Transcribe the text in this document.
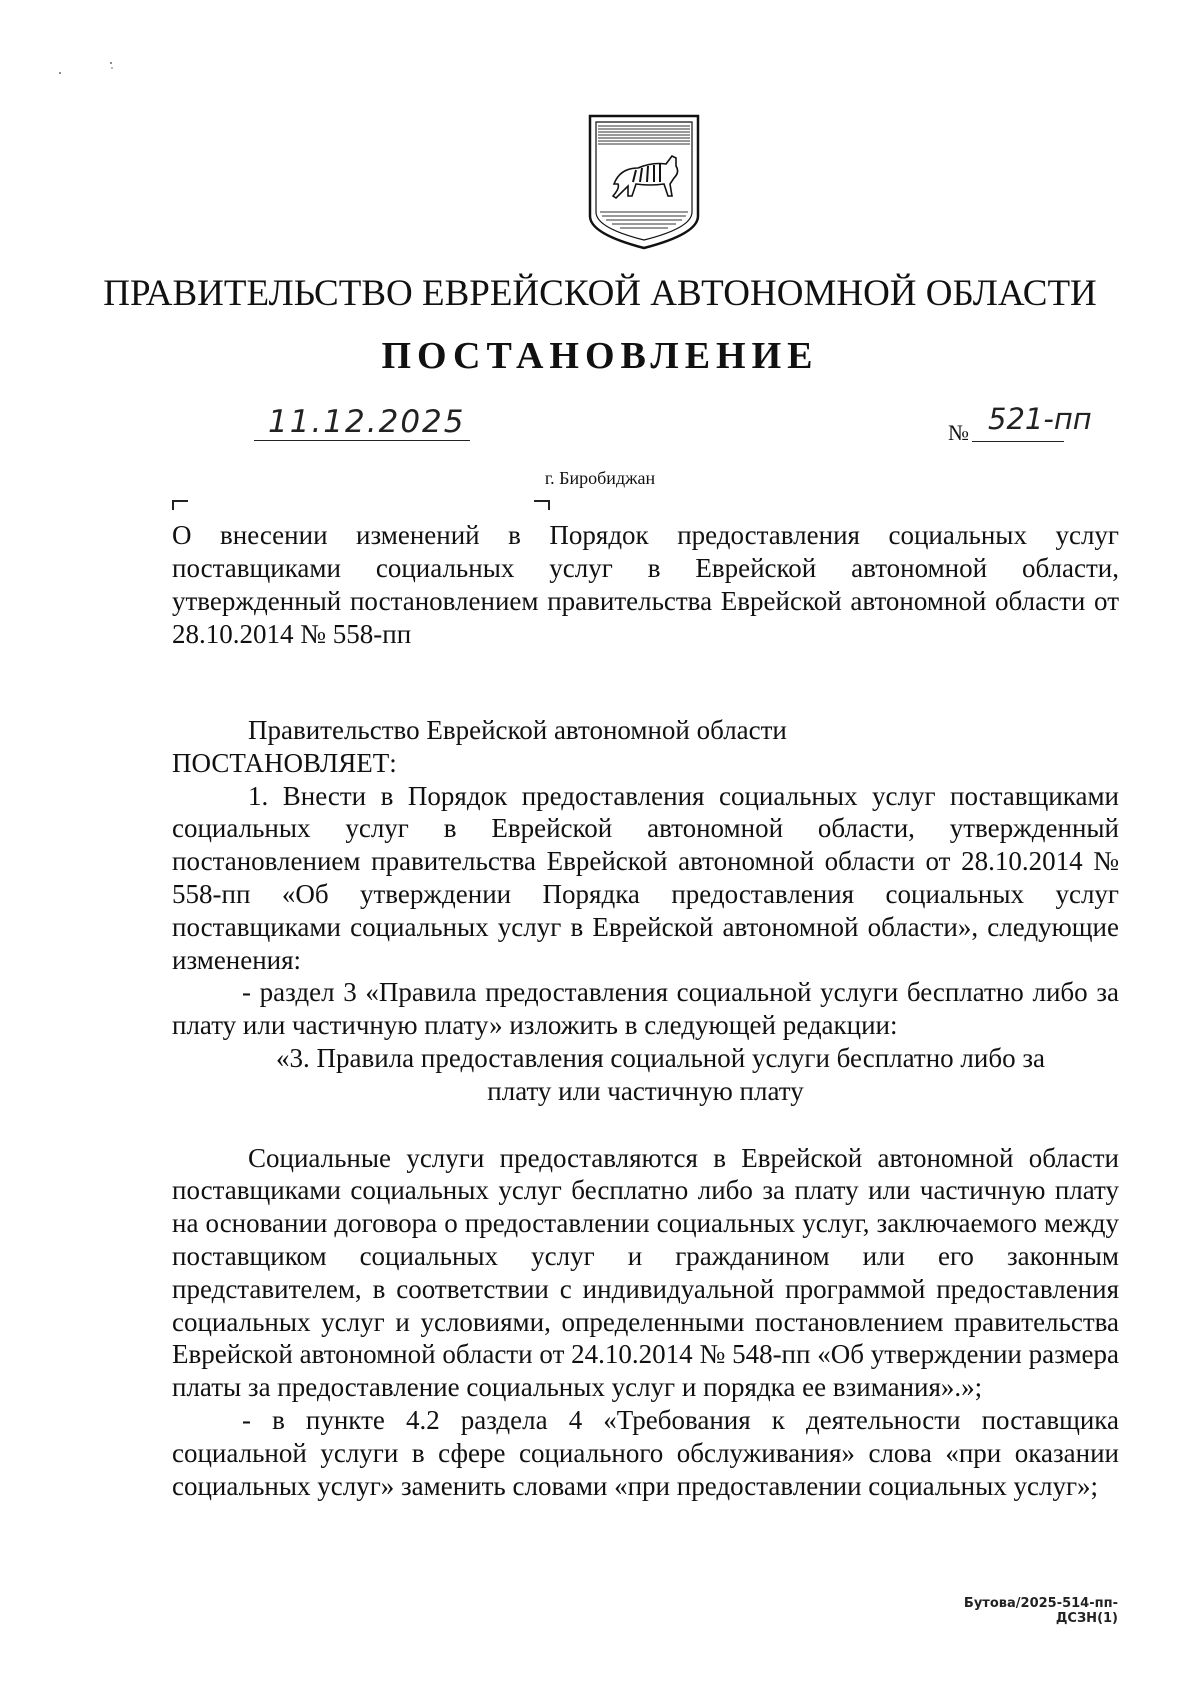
ПРАВИТЕЛЬСТВО ЕВРЕЙСКОЙ АВТОНОМНОЙ ОБЛАСТИ
ПОСТАНОВЛЕНИЕ
11.12.2025	№ 521-пп
г. Биробиджан
О внесении изменений в Порядок предоставления социальных услуг поставщиками социальных услуг в Еврейской автономной области, утвержденный постановлением правительства Еврейской автономной области от 28.10.2014 № 558-пп

Правительство Еврейской автономной области

ПОСТАНОВЛЯЕТ:

1. Внести в Порядок предоставления социальных услуг поставщиками социальных услуг в Еврейской автономной области, утвержденный постановлением правительства Еврейской автономной области от 28.10.2014 № 558-пп «Об утверждении Порядка предоставления социальных услуг поставщиками социальных услуг в Еврейской автономной области», следующие изменения:

- раздел 3 «Правила предоставления социальной услуги бесплатно либо за плату или частичную плату» изложить в следующей редакции:

«3. Правила предоставления социальной услуги бесплатно либо за

плату или частичную плату

Социальные услуги предоставляются в Еврейской автономной области поставщиками социальных услуг бесплатно либо за плату или частичную плату на основании договора о предоставлении социальных услуг, заключаемого между поставщиком социальных услуг и гражданином или его законным представителем, в соответствии с индивидуальной программой предоставления социальных услуг и условиями, определенными постановлением правительства Еврейской автономной области от 24.10.2014 № 548-пп «Об утверждении размера платы за предоставление социальных услуг и порядка ее взимания».»;

- в пункте 4.2 раздела 4 «Требования к деятельности поставщика социальной услуги в сфере социального обслуживания» слова «при оказании социальных услуг» заменить словами «при предоставлении социальных услуг»;

Бутова/2025-514-пп-ДСЗН(1)
